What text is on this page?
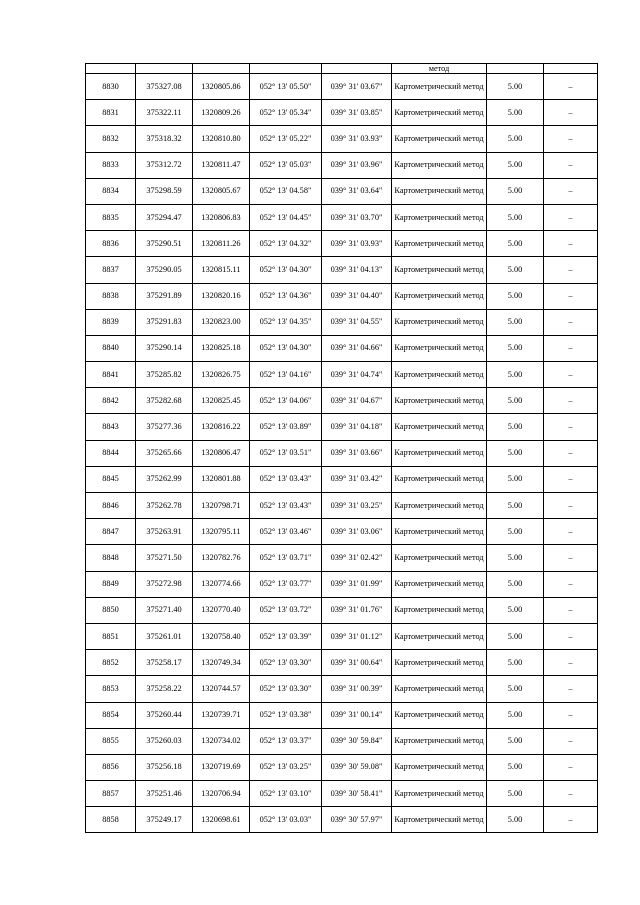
					метод		
8830	375327.08	1320805.86	052° 13' 05.50"	039° 31' 03.67"	Картометрический метод	5.00	–
8831	375322.11	1320809.26	052° 13' 05.34"	039° 31' 03.85"	Картометрический метод	5.00	–
8832	375318.32	1320810.80	052° 13' 05.22"	039° 31' 03.93"	Картометрический метод	5.00	–
8833	375312.72	1320811.47	052° 13' 05.03"	039° 31' 03.96"	Картометрический метод	5.00	–
8834	375298.59	1320805.67	052° 13' 04.58"	039° 31' 03.64"	Картометрический метод	5.00	–
8835	375294.47	1320806.83	052° 13' 04.45"	039° 31' 03.70"	Картометрический метод	5.00	–
8836	375290.51	1320811.26	052° 13' 04.32"	039° 31' 03.93"	Картометрический метод	5.00	–
8837	375290.05	1320815.11	052° 13' 04.30"	039° 31' 04.13"	Картометрический метод	5.00	–
8838	375291.89	1320820.16	052° 13' 04.36"	039° 31' 04.40"	Картометрический метод	5.00	–
8839	375291.83	1320823.00	052° 13' 04.35"	039° 31' 04.55"	Картометрический метод	5.00	–
8840	375290.14	1320825.18	052° 13' 04.30"	039° 31' 04.66"	Картометрический метод	5.00	–
8841	375285.82	1320826.75	052° 13' 04.16"	039° 31' 04.74"	Картометрический метод	5.00	–
8842	375282.68	1320825.45	052° 13' 04.06"	039° 31' 04.67"	Картометрический метод	5.00	–
8843	375277.36	1320816.22	052° 13' 03.89"	039° 31' 04.18"	Картометрический метод	5.00	–
8844	375265.66	1320806.47	052° 13' 03.51"	039° 31' 03.66"	Картометрический метод	5.00	–
8845	375262.99	1320801.88	052° 13' 03.43"	039° 31' 03.42"	Картометрический метод	5.00	–
8846	375262.78	1320798.71	052° 13' 03.43"	039° 31' 03.25"	Картометрический метод	5.00	–
8847	375263.91	1320795.11	052° 13' 03.46"	039° 31' 03.06"	Картометрический метод	5.00	–
8848	375271.50	1320782.76	052° 13' 03.71"	039° 31' 02.42"	Картометрический метод	5.00	–
8849	375272.98	1320774.66	052° 13' 03.77"	039° 31' 01.99"	Картометрический метод	5.00	–
8850	375271.40	1320770.40	052° 13' 03.72"	039° 31' 01.76"	Картометрический метод	5.00	–
8851	375261.01	1320758.40	052° 13' 03.39"	039° 31' 01.12"	Картометрический метод	5.00	–
8852	375258.17	1320749.34	052° 13' 03.30"	039° 31' 00.64"	Картометрический метод	5.00	–
8853	375258.22	1320744.57	052° 13' 03.30"	039° 31' 00.39"	Картометрический метод	5.00	–
8854	375260.44	1320739.71	052° 13' 03.38"	039° 31' 00.14"	Картометрический метод	5.00	–
8855	375260.03	1320734.02	052° 13' 03.37"	039° 30' 59.84"	Картометрический метод	5.00	–
8856	375256.18	1320719.69	052° 13' 03.25"	039° 30' 59.08"	Картометрический метод	5.00	–
8857	375251.46	1320706.94	052° 13' 03.10"	039° 30' 58.41"	Картометрический метод	5.00	–
8858	375249.17	1320698.61	052° 13' 03.03"	039° 30' 57.97"	Картометрический метод	5.00	–
